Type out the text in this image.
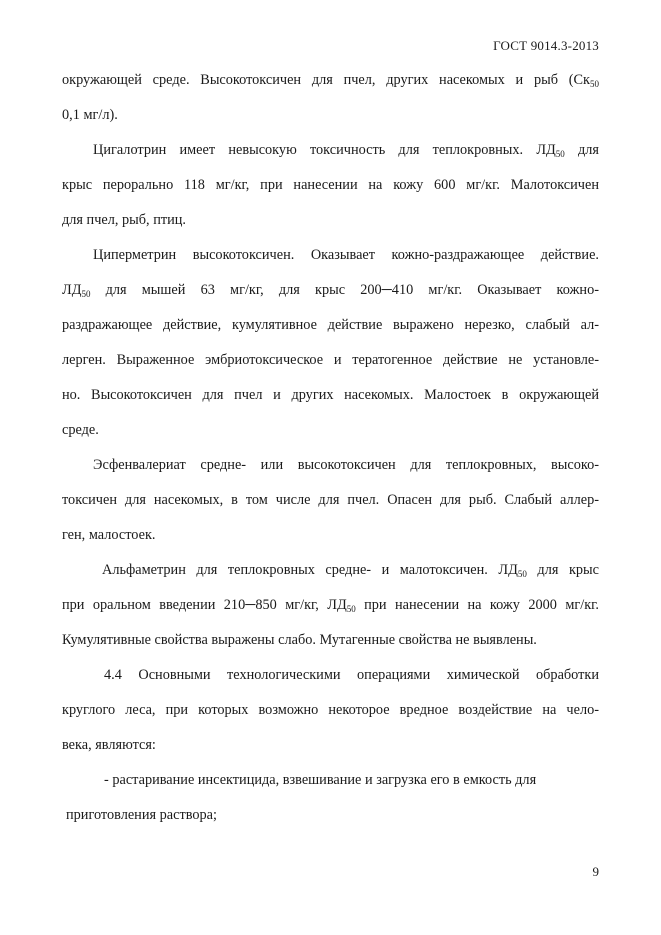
ГОСТ 9014.3-2013
окружающей среде. Высокотоксичен для пчел, других насекомых и рыб ($Ск_{50}$
0,1 мг/л).
Цигалотрин имеет невысокую токсичность для теплокровных. $ЛД_{50}$ для
крыс перорально 118 мг/кг, при нанесении на кожу 600 мг/кг. Малотоксичен
для пчел, рыб, птиц.
Циперметрин высокотоксичен. Оказывает кожно-раздражающее действие.
$ЛД_{50}$ для мышей 63 мг/кг, для крыс 200─410 мг/кг. Оказывает кожно-
раздражающее действие, кумулятивное действие выражено нерезко, слабый ал-
лерген. Выраженное эмбриотоксическое и тератогенное действие не установле-
но. Высокотоксичен для пчел и других насекомых. Малостоек в окружающей
среде.
Эсфенвалериат средне- или высокотоксичен для теплокровных, высоко-
токсичен для насекомых, в том числе для пчел. Опасен для рыб. Слабый аллер-
ген, малостоек.
Альфаметрин для теплокровных средне- и малотоксичен. $ЛД_{50}$ для крыс
при оральном введении 210─850 мг/кг, $ЛД_{50}$ при нанесении на кожу 2000 мг/кг.
Кумулятивные свойства выражены слабо. Мутагенные свойства не выявлены.
4.4 Основными технологическими операциями химической обработки
круглого леса, при которых возможно некоторое вредное воздействие на чело-
века, являются:
- растаривание инсектицида, взвешивание и загрузка его в емкость для
приготовления раствора;
9
